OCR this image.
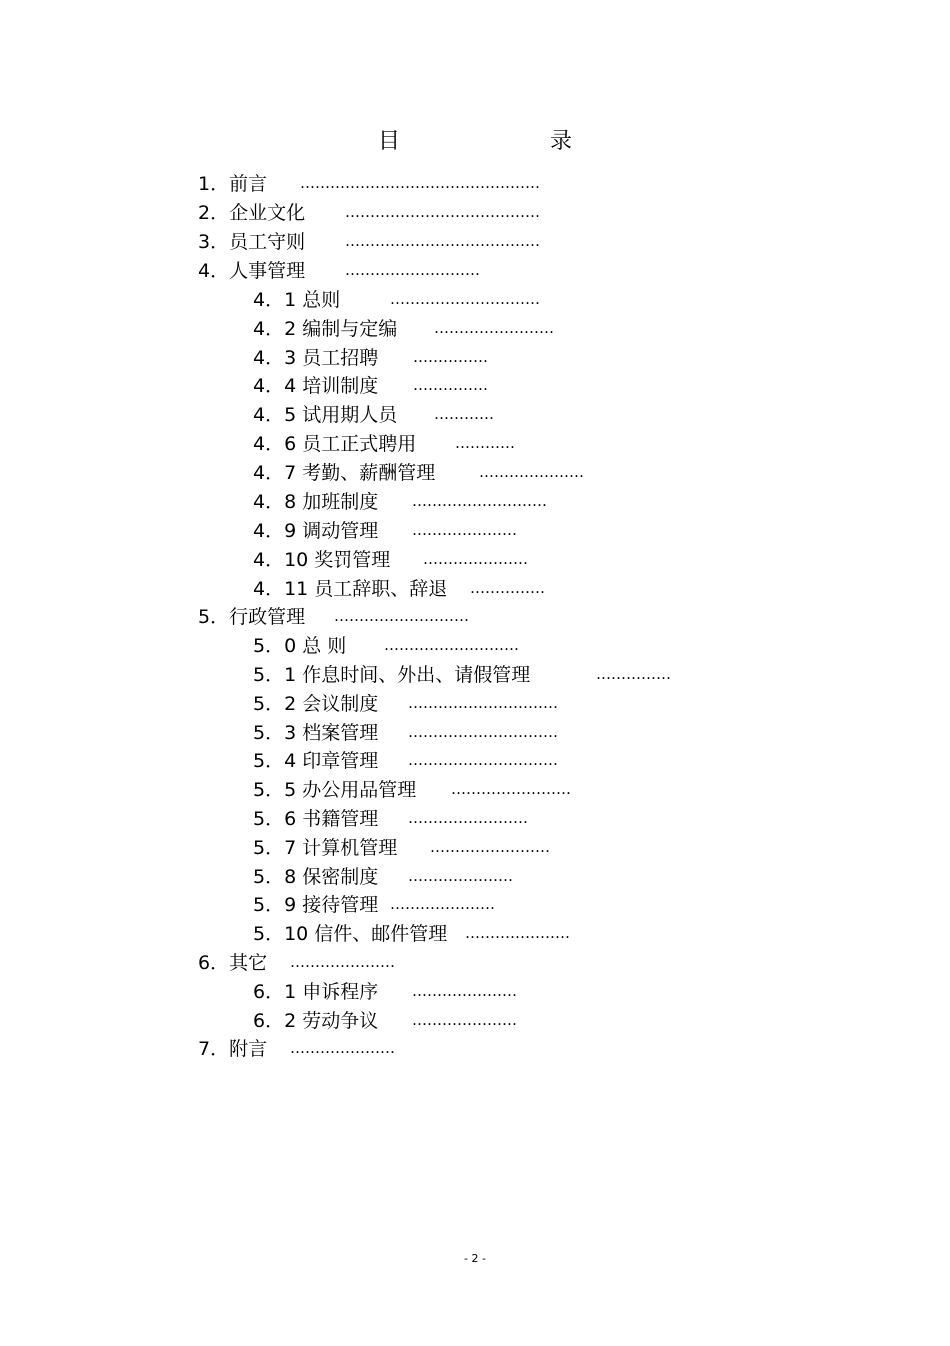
目　录
1．前言 …………………………………………
2．企业文化	…………………………………
3．员工守则	…………………………………
4．人事管理	………………………
4．1 总则	…………………………
4．2 编制与定编 ……………………
4．3 员工招聘 ……………
4．4 培训制度 ……………
4．5 试用期人员 …………
4．6 员工正式聘用	…………
4．7 考勤、薪酬管理	…………………
4．8 加班制度 ………………………
4．9 调动管理 …………………
4．10 奖罚管理 …………………
4．11 员工辞职、辞退 ……………
5．行政管理 ………………………
5．0 总 则	………………………
5．1 作息时间、外出、请假管理	……………
5．2 会议制度 …………………………
5．3 档案管理 …………………………
5．4 印章管理 …………………………
5．5 办公用品管理 ……………………
5．6 书籍管理 ……………………
5．7 计算机管理 ……………………
5．8 保密制度 …………………
5．9 接待管理 …………………
5．10 信件、邮件管理 …………………
6．其它 …………………
6．1 申诉程序 …………………
6．2 劳动争议 …………………
7．附言 …………………
- 2 -
